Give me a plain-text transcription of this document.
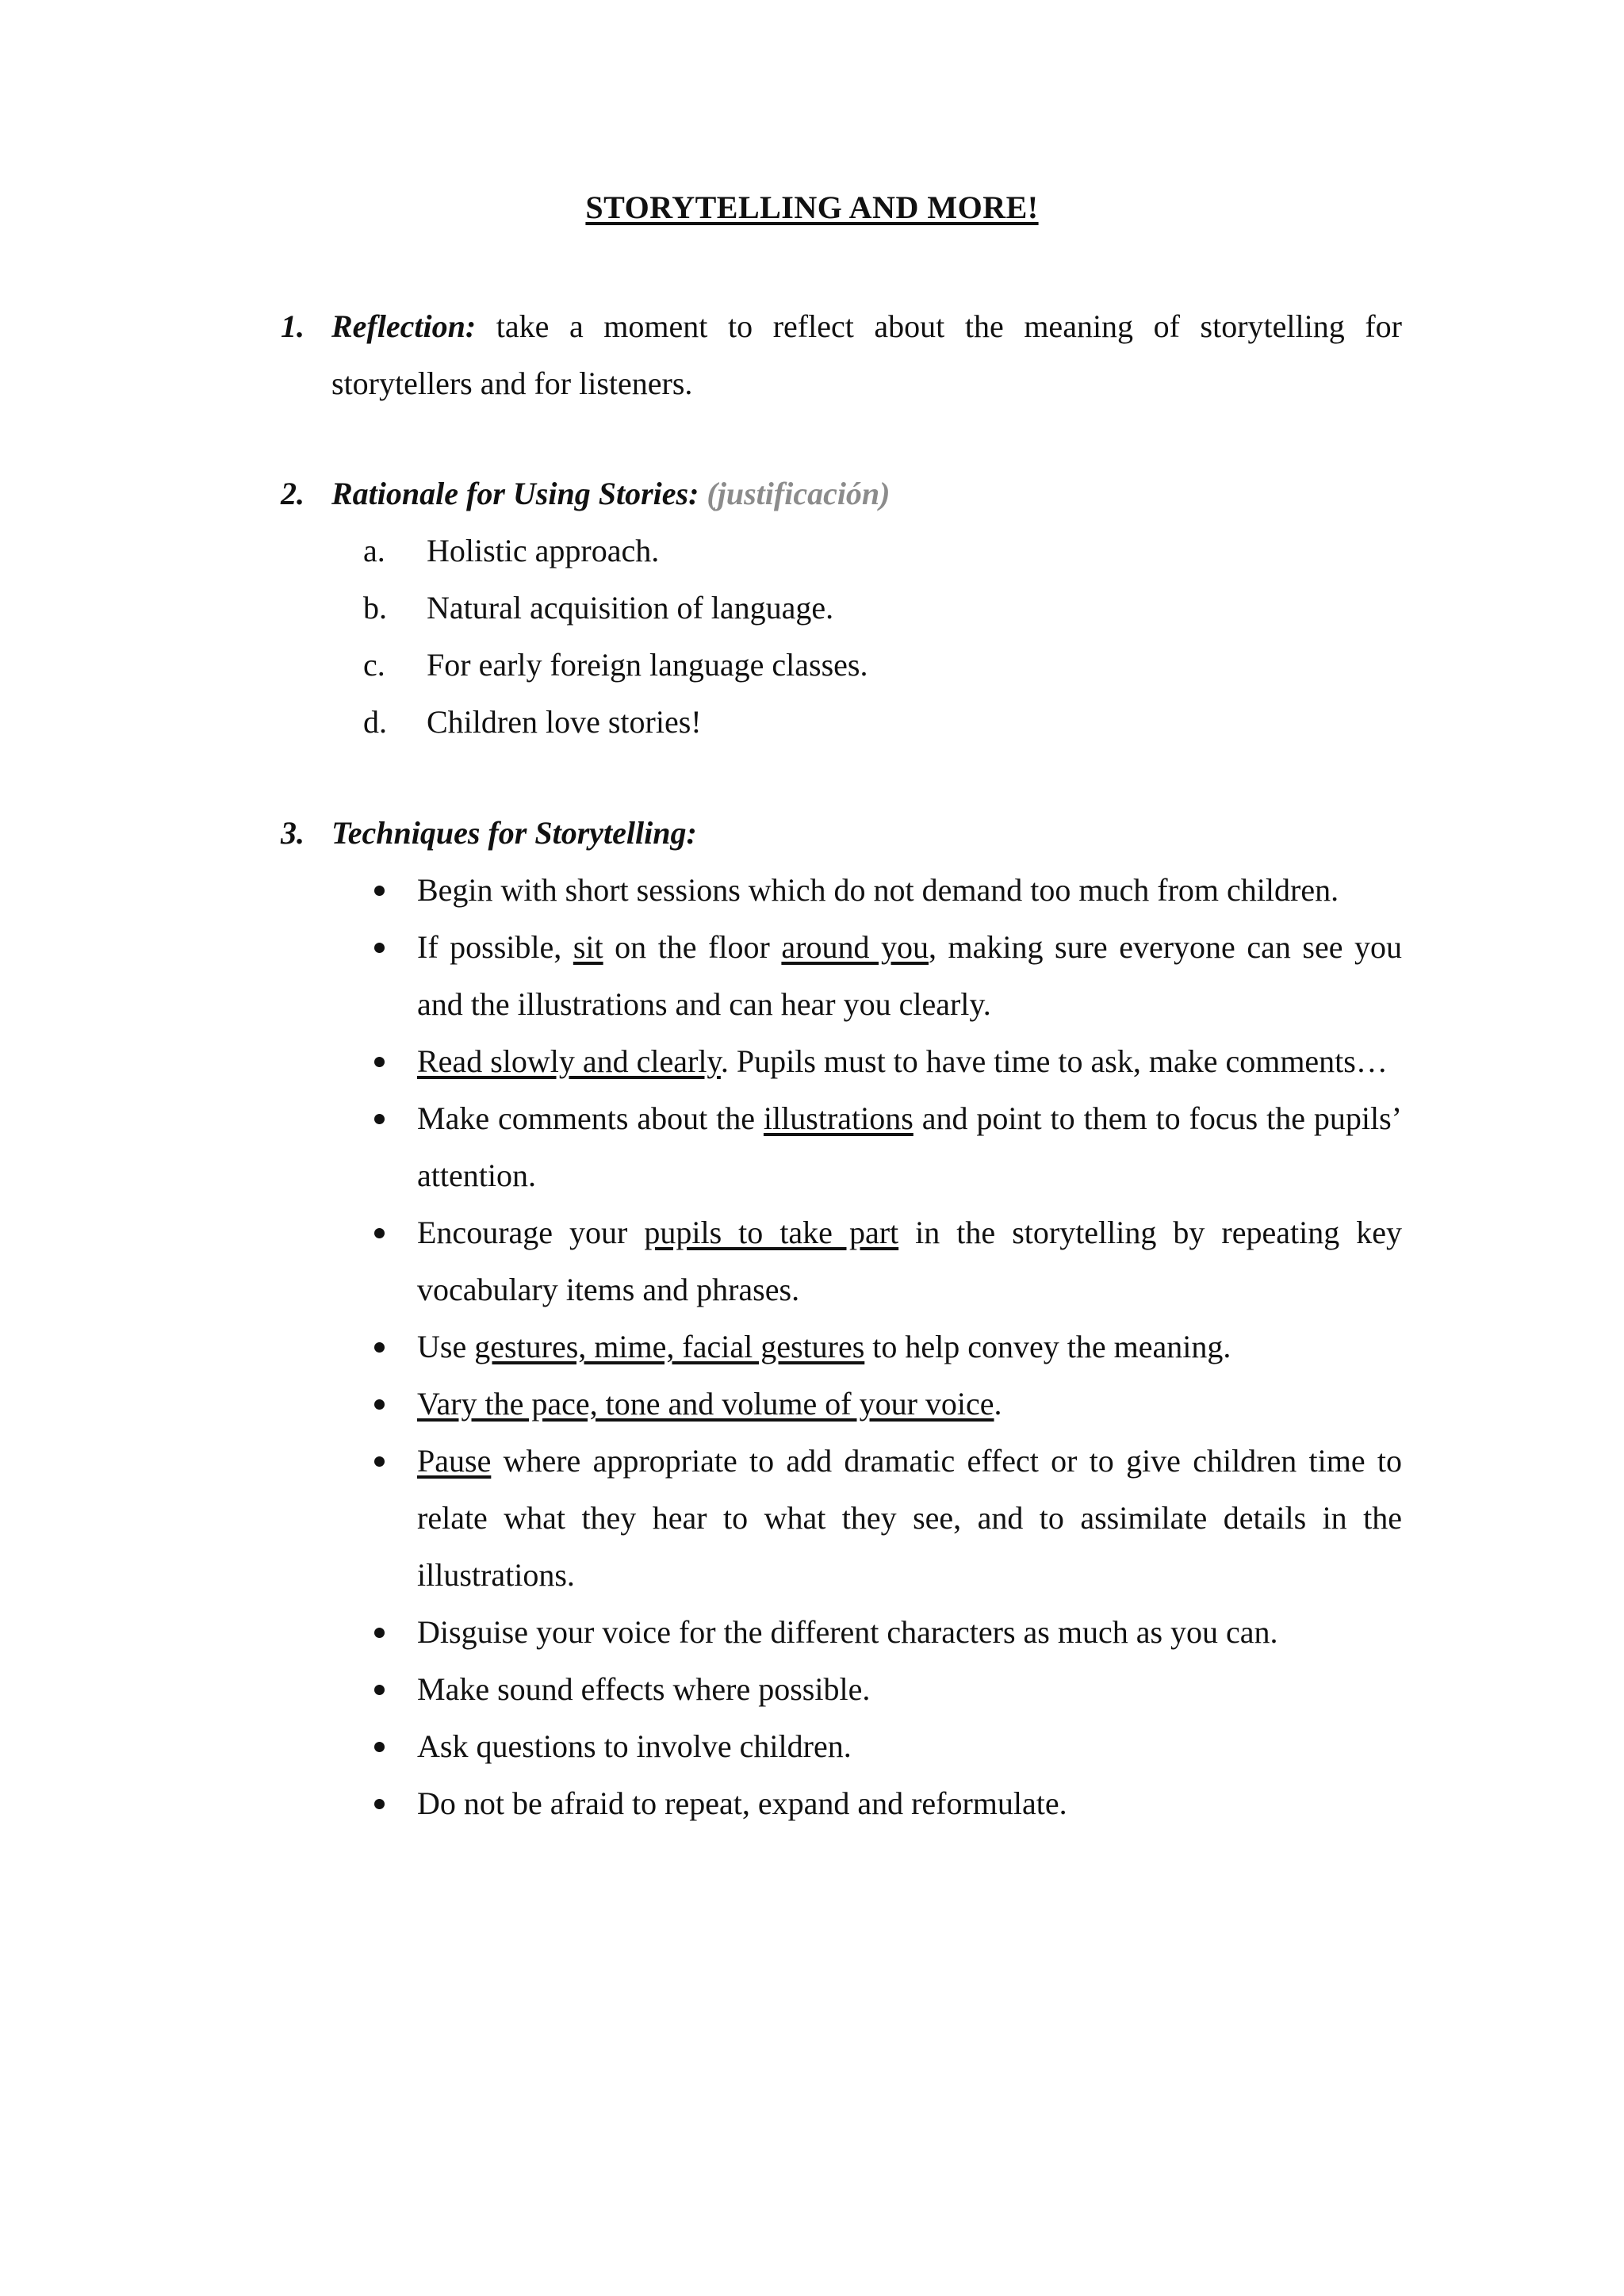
STORYTELLING AND MORE!
1. Reflection: take a moment to reflect about the meaning of storytelling for storytellers and for listeners.
2. Rationale for Using Stories: (justificación)
a.	Holistic approach.
b.	Natural acquisition of language.
c.	For early foreign language classes.
d.	Children love stories!
3. Techniques for Storytelling:
Begin with short sessions which do not demand too much from children.
If possible, sit on the floor around you, making sure everyone can see you and the illustrations and can hear you clearly.
Read slowly and clearly. Pupils must to have time to ask, make comments…
Make comments about the illustrations and point to them to focus the pupils’ attention.
Encourage your pupils to take part in the storytelling by repeating key vocabulary items and phrases.
Use gestures, mime, facial gestures to help convey the meaning.
Vary the pace, tone and volume of your voice.
Pause where appropriate to add dramatic effect or to give children time to relate what they hear to what they see, and to assimilate details in the illustrations.
Disguise your voice for the different characters as much as you can.
Make sound effects where possible.
Ask questions to involve children.
Do not be afraid to repeat, expand and reformulate.
